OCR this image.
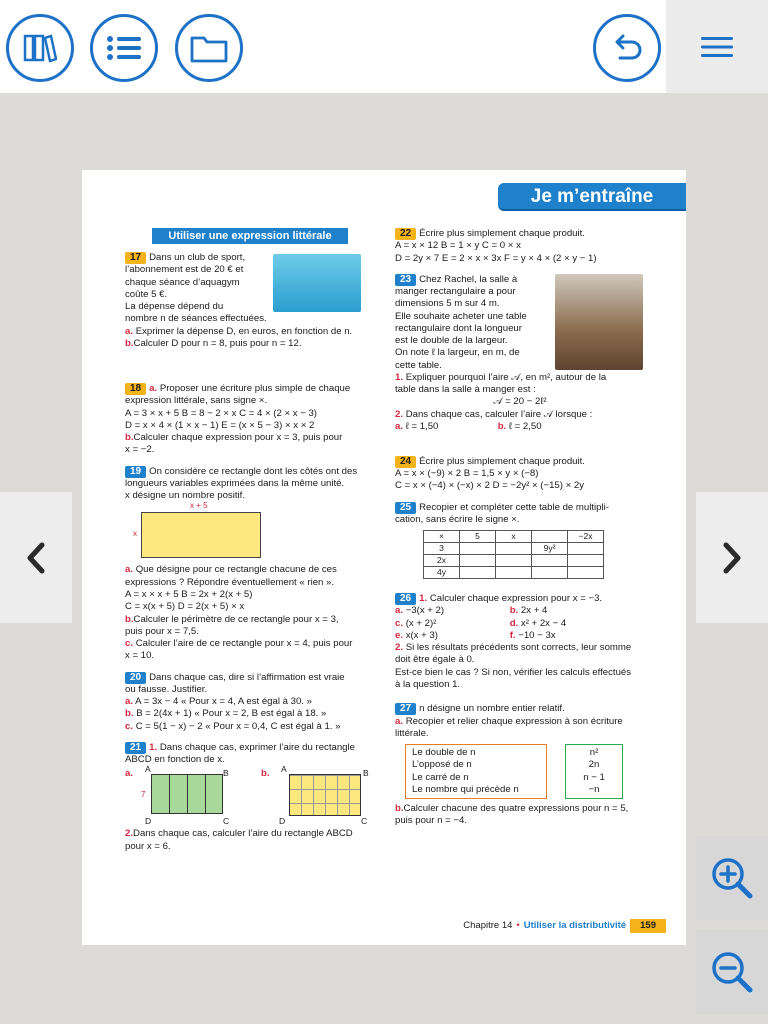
Je m’entraîne
Utiliser une expression littérale
17 Dans un club de sport,
l’abonnement est de 20 € et
chaque séance d’aquagym
coûte 5 €.
La dépense dépend du
nombre n de séances effectuées.
a. Exprimer la dépense D, en euros, en fonction de n.
b.Calculer D pour n = 8, puis pour n = 12.
18 a. Proposer une écriture plus simple de chaque
expression littérale, sans signe ×.
A = 3 × x + 5 B = 8 − 2 × x C = 4 × (2 × x − 3)
D = x × 4 × (1 × x − 1) E = (x × 5 − 3) × x × 2
b.Calculer chaque expression pour x = 3, puis pour
x = −2.
19 On considère ce rectangle dont les côtés ont des
longueurs variables exprimées dans la même unité.
x désigne un nombre positif.
x + 5
x
a. Que désigne pour ce rectangle chacune de ces
expressions ? Répondre éventuellement « rien ».
A = x × x + 5 B = 2x + 2(x + 5)
C = x(x + 5) D = 2(x + 5) × x
b.Calculer le périmètre de ce rectangle pour x = 3,
puis pour x = 7,5.
c. Calculer l’aire de ce rectangle pour x = 4, puis pour
x = 10.
20 Dans chaque cas, dire si l’affirmation est vraie
ou fausse. Justifier.
a. A = 3x − 4 « Pour x = 4, A est égal à 30. »
b. B = 2(4x + 1) « Pour x = 2, B est égal à 18. »
c. C = 5(1 − x) − 2 « Pour x = 0,4, C est égal à 1. »
21 1. Dans chaque cas, exprimer l’aire du rectangle
ABCD en fonction de x.
a. A	B
D	C
7
b. A	B
D	C
2.Dans chaque cas, calculer l’aire du rectangle ABCD
pour x = 6.
22 Écrire plus simplement chaque produit.
A = x × 12 B = 1 × y C = 0 × x
D = 2y × 7 E = 2 × x × 3x F = y × 4 × (2 × y − 1)
23 Chez Rachel, la salle à
manger rectangulaire a pour
dimensions 5 m sur 4 m.
Elle souhaite acheter une table
rectangulaire dont la longueur
est le double de la largeur.
On note ℓ la largeur, en m, de
cette table.
1. Expliquer pourquoi l’aire 𝒜, en m², autour de la
table dans la salle à manger est :
𝒜 = 20 − 2ℓ²
2. Dans chaque cas, calculer l’aire 𝒜 lorsque :
a. ℓ = 1,50	b. ℓ = 2,50
24 Écrire plus simplement chaque produit.
A = x × (−9) × 2 B = 1,5 × y × (−8)
C = x × (−4) × (−x) × 2 D = −2y² × (−15) × 2y
25 Recopier et compléter cette table de multipli-
cation, sans écrire le signe ×.
×	5	x		−2x
3			9y²	
2x				
4y				
26 1. Calculer chaque expression pour x = −3.
a. −3(x + 2)	b. 2x + 4
c. (x + 2)²	d. x² + 2x − 4
e. x(x + 3)	f. −10 − 3x
2. Si les résultats précédents sont corrects, leur somme
doit être égale à 0.
Est-ce bien le cas ? Si non, vérifier les calculs effectués
à la question 1.
27 n désigne un nombre entier relatif.
a. Recopier et relier chaque expression à son écriture
littérale.
Le double de n
L’opposé de n
Le carré de n
Le nombre qui précède n
n²
2n
n − 1
−n
b.Calculer chacune des quatre expressions pour n = 5,
puis pour n = −4.
Chapitre 14 • Utiliser la distributivité	159
